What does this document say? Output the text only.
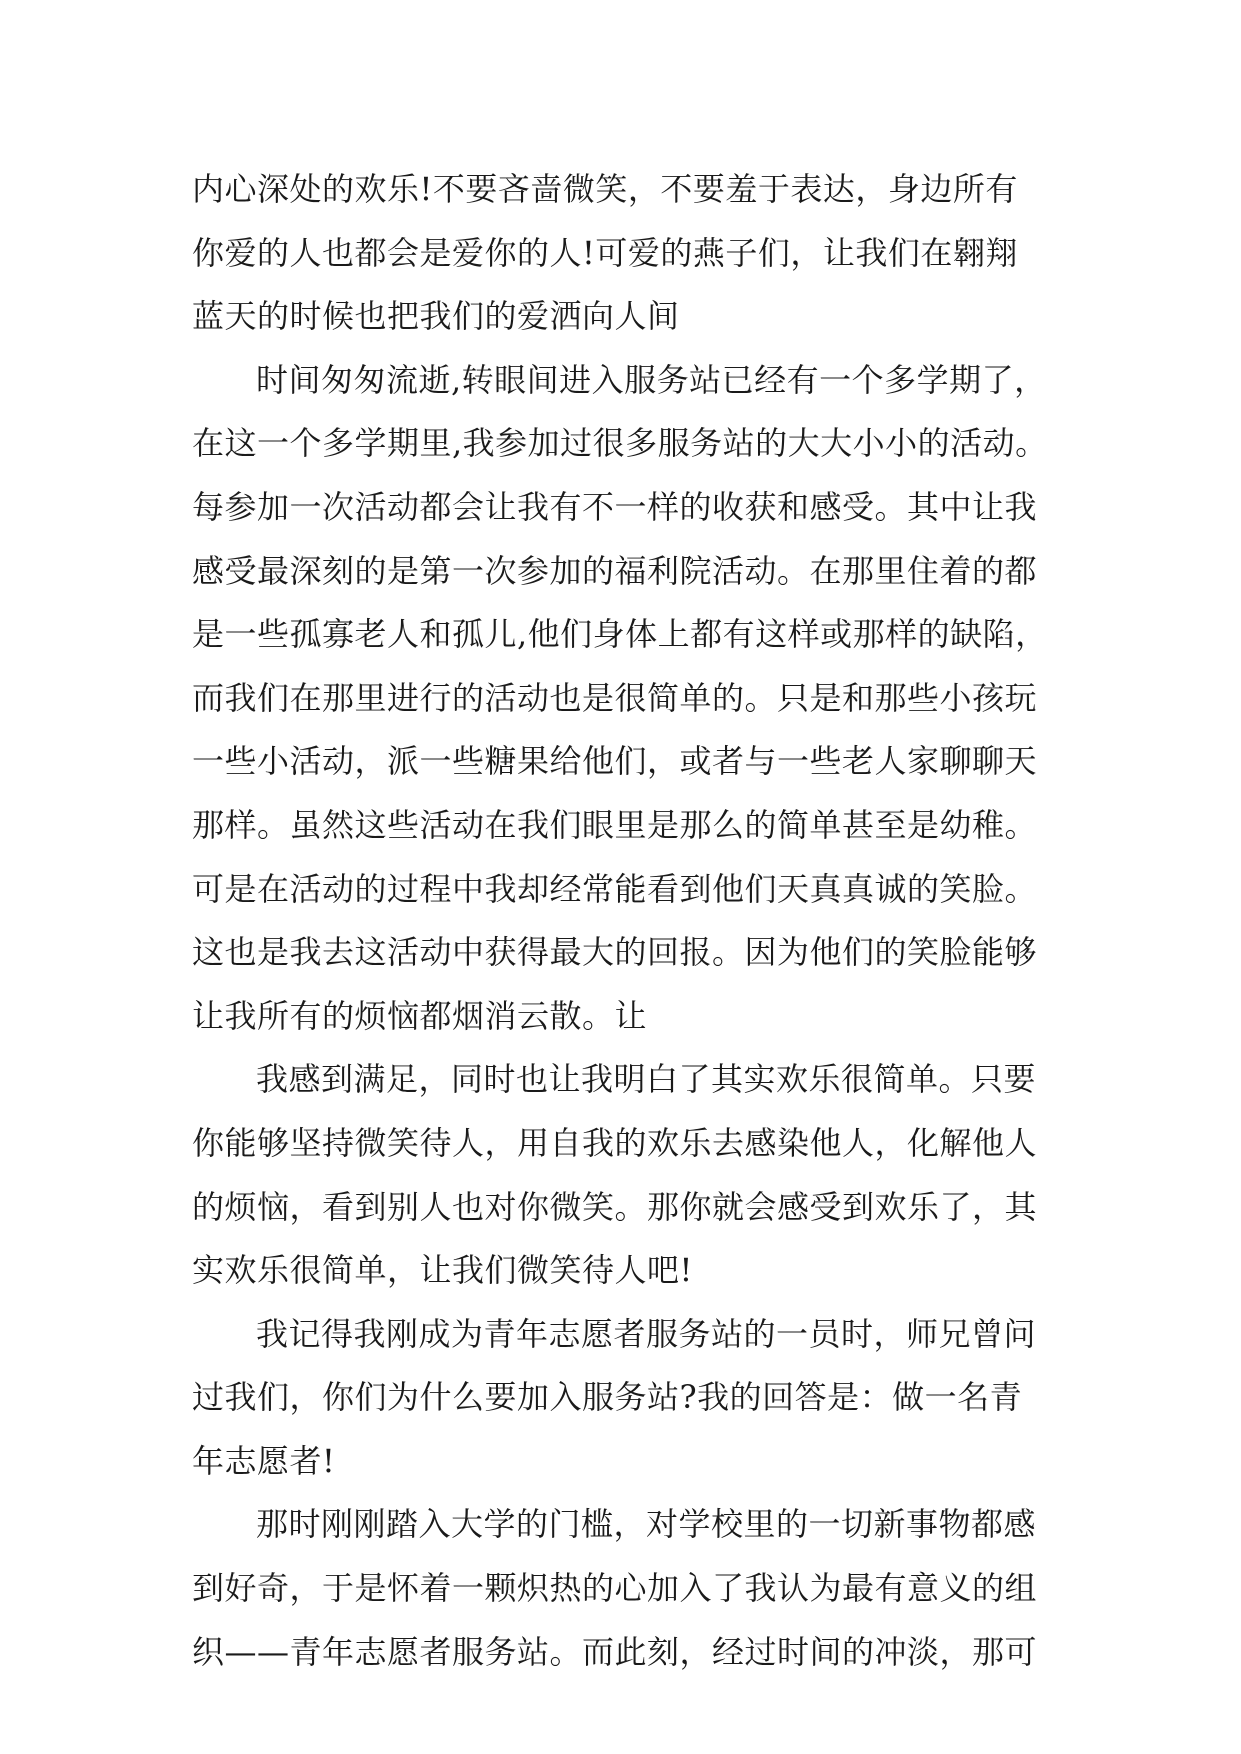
内心深处的欢乐!不要吝啬微笑，不要羞于表达，身边所有
你爱的人也都会是爱你的人!可爱的燕子们，让我们在翱翔
蓝天的时候也把我们的爱洒向人间
时间匆匆流逝,转眼间进入服务站已经有一个多学期了，
在这一个多学期里,我参加过很多服务站的大大小小的活动。
每参加一次活动都会让我有不一样的收获和感受。其中让我
感受最深刻的是第一次参加的福利院活动。在那里住着的都
是一些孤寡老人和孤儿,他们身体上都有这样或那样的缺陷，
而我们在那里进行的活动也是很简单的。只是和那些小孩玩
一些小活动，派一些糖果给他们，或者与一些老人家聊聊天
那样。虽然这些活动在我们眼里是那么的简单甚至是幼稚。
可是在活动的过程中我却经常能看到他们天真真诚的笑脸。
这也是我去这活动中获得最大的回报。因为他们的笑脸能够
让我所有的烦恼都烟消云散。让
我感到满足，同时也让我明白了其实欢乐很简单。只要
你能够坚持微笑待人，用自我的欢乐去感染他人，化解他人
的烦恼，看到别人也对你微笑。那你就会感受到欢乐了，其
实欢乐很简单，让我们微笑待人吧!
我记得我刚成为青年志愿者服务站的一员时，师兄曾问
过我们，你们为什么要加入服务站?我的回答是：做一名青
年志愿者!
那时刚刚踏入大学的门槛，对学校里的一切新事物都感
到好奇，于是怀着一颗炽热的心加入了我认为最有意义的组
织——青年志愿者服务站。而此刻，经过时间的冲淡，那可
